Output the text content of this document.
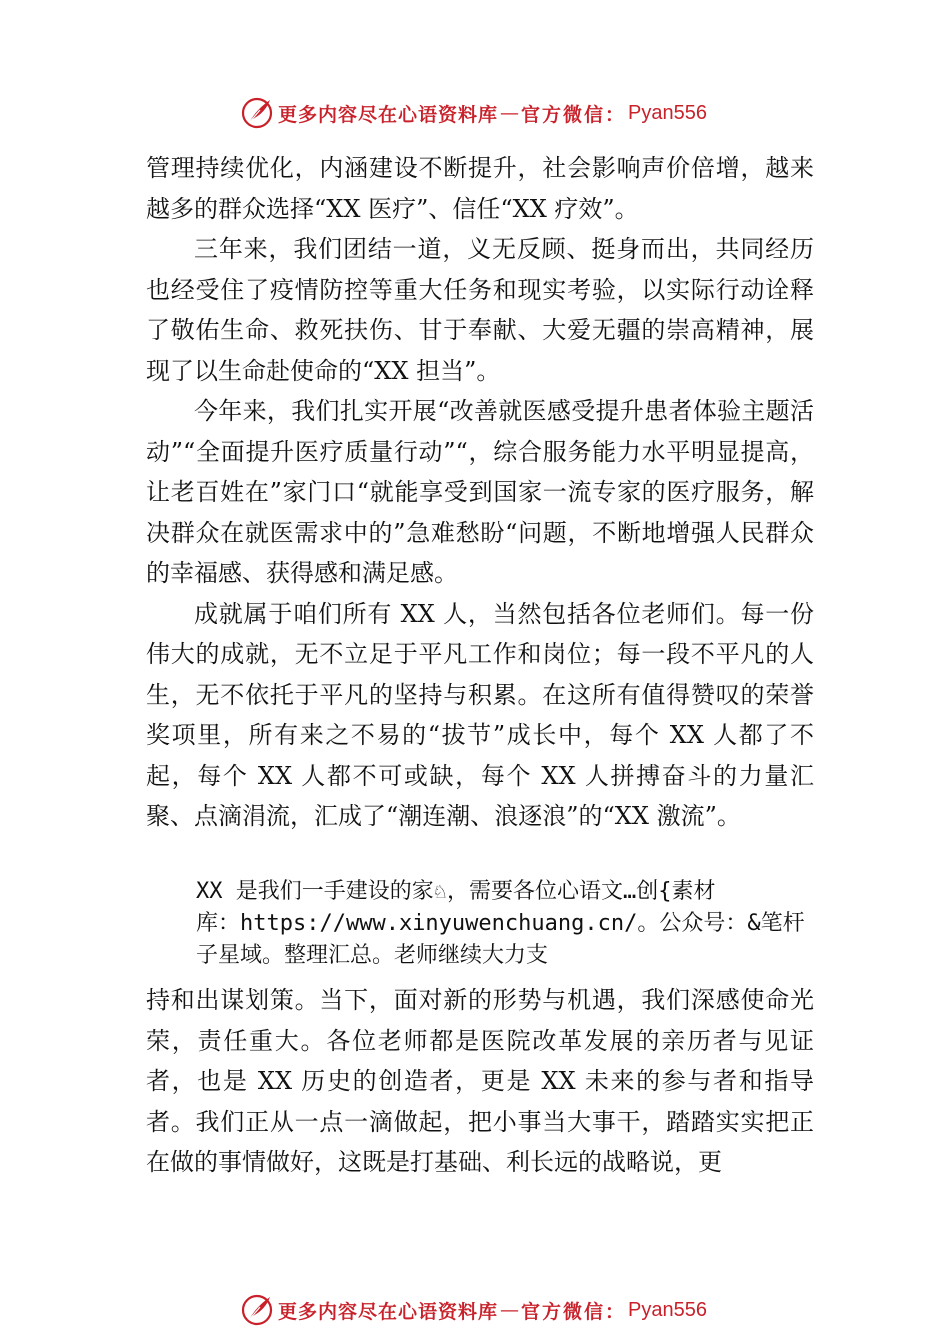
更多内容尽在心语资料库 — 官方微信： Pyan556

管理持续优化，内涵建设不断提升，社会影响声价倍增，越来越多的群众选择“XX 医疗”、信任“XX 疗效”。

三年来，我们团结一道，义无反顾、挺身而出，共同经历也经受住了疫情防控等重大任务和现实考验，以实际行动诠释了敬佑生命、救死扶伤、甘于奉献、大爱无疆的崇高精神，展现了以生命赴使命的“XX 担当”。

今年来，我们扎实开展“改善就医感受提升患者体验主题活动”“全面提升医疗质量行动”“，综合服务能力水平明显提高，让老百姓在”家门口“就能享受到国家一流专家的医疗服务，解决群众在就医需求中的”急难愁盼“问题，不断地增强人民群众的幸福感、获得感和满足感。

成就属于咱们所有 XX 人，当然包括各位老师们。每一份伟大的成就，无不立足于平凡工作和岗位；每一段不平凡的人生，无不依托于平凡的坚持与积累。在这所有值得赞叹的荣誉奖项里，所有来之不易的“拔节”成长中，每个 XX 人都了不起，每个 XX 人都不可或缺，每个 XX 人拼搏奋斗的力量汇聚、点滴涓流，汇成了“潮连潮、浪逐浪”的“XX 激流”。

XX 是我们一手建设的家♘，需要各位心语文…创{素材
库：https://www.xinyuwenchuang.cn/。公众号：&笔杆
子星域。整理汇总。老师继续大力支

持和出谋划策。当下，面对新的形势与机遇，我们深感使命光荣，责任重大。各位老师都是医院改革发展的亲历者与见证者，也是 XX 历史的创造者，更是 XX 未来的参与者和指导者。我们正从一点一滴做起，把小事当大事干，踏踏实实把正在做的事情做好，这既是打基础、利长远的战略说，更

更多内容尽在心语资料库 — 官方微信： Pyan556
